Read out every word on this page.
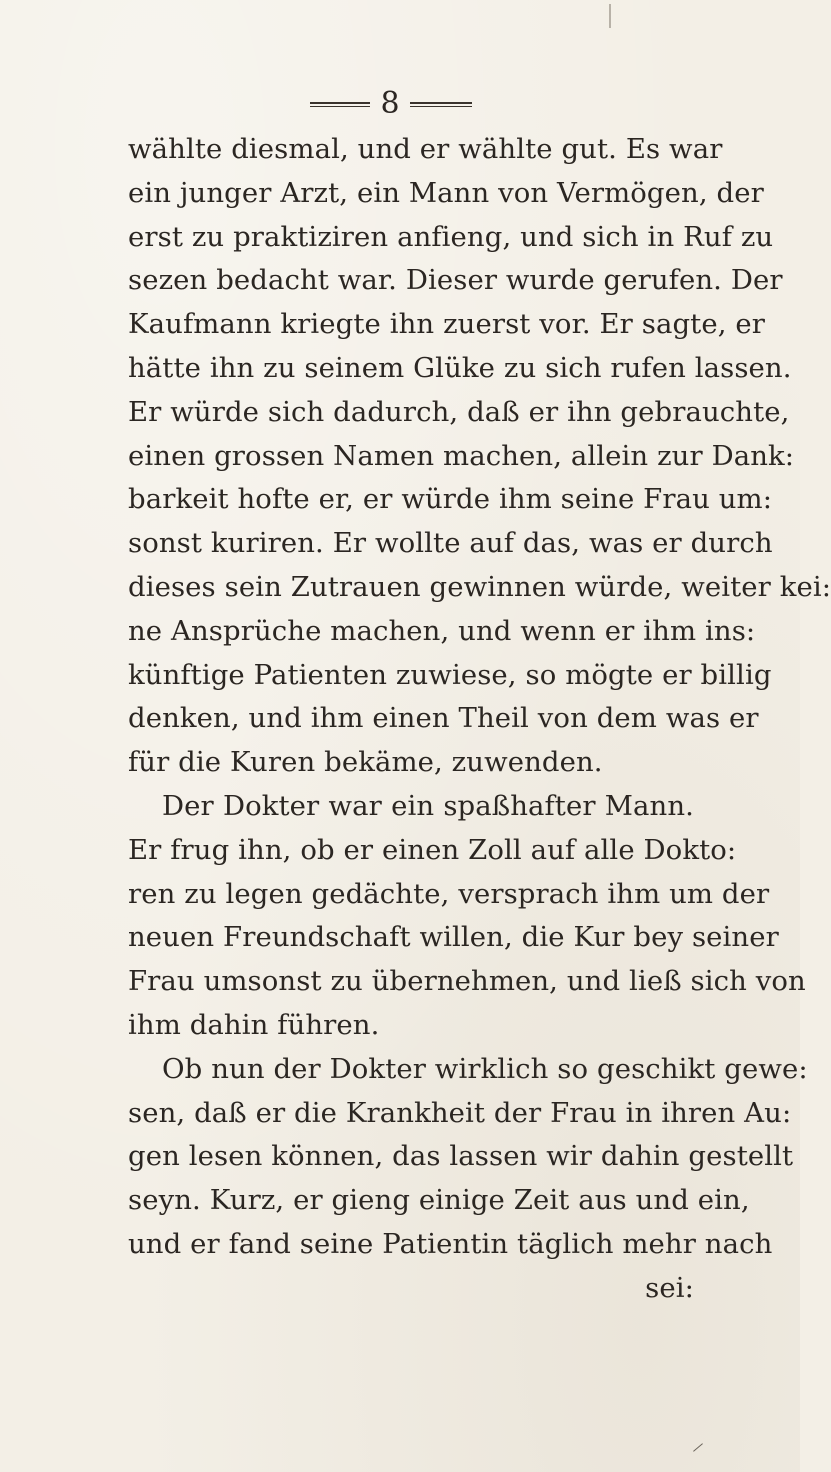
8
wählte diesmal, und er wählte gut. Es war
ein junger Arzt, ein Mann von Vermögen, der
erst zu praktiziren anfieng, und sich in Ruf zu
sezen bedacht war. Dieser wurde gerufen. Der
Kaufmann kriegte ihn zuerst vor. Er sagte, er
hätte ihn zu seinem Glüke zu sich rufen lassen.
Er würde sich dadurch, daß er ihn gebrauchte,
einen grossen Namen machen, allein zur Dank:
barkeit hofte er, er würde ihm seine Frau um:
sonst kuriren. Er wollte auf das, was er durch
dieses sein Zutrauen gewinnen würde, weiter kei:
ne Ansprüche machen, und wenn er ihm ins:
künftige Patienten zuwiese, so mögte er billig
denken, und ihm einen Theil von dem was er
für die Kuren bekäme, zuwenden.
Der Dokter war ein spaßhafter Mann.
Er frug ihn, ob er einen Zoll auf alle Dokto:
ren zu legen gedächte, versprach ihm um der
neuen Freundschaft willen, die Kur bey seiner
Frau umsonst zu übernehmen, und ließ sich von
ihm dahin führen.
Ob nun der Dokter wirklich so geschikt gewe:
sen, daß er die Krankheit der Frau in ihren Au:
gen lesen können, das lassen wir dahin gestellt
seyn. Kurz, er gieng einige Zeit aus und ein,
und er fand seine Patientin täglich mehr nach
sei:
